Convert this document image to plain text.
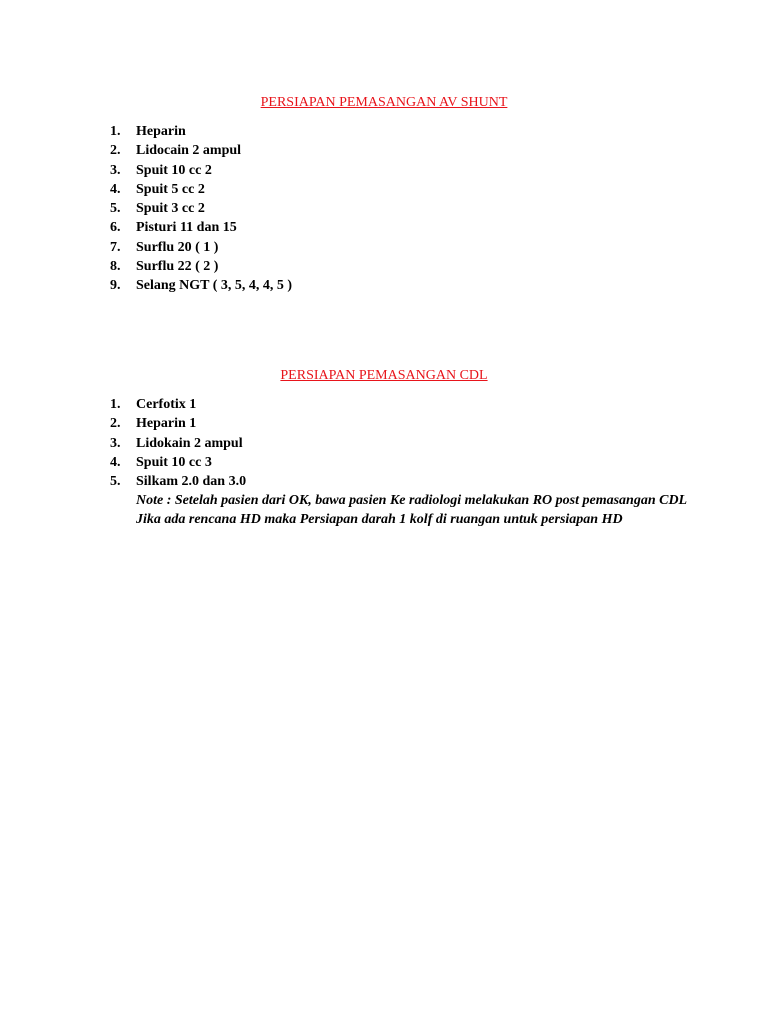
PERSIAPAN PEMASANGAN AV SHUNT
1.	Heparin
2.	Lidocain 2 ampul
3.	Spuit 10 cc 2
4.	Spuit 5 cc 2
5.	Spuit 3 cc 2
6.	Pisturi 11 dan 15
7.	Surflu 20 ( 1 )
8.	Surflu 22 ( 2 )
9.	Selang NGT ( 3, 5, 4, 4, 5 )
PERSIAPAN PEMASANGAN CDL
1.	Cerfotix 1
2.	Heparin 1
3.	Lidokain 2 ampul
4.	Spuit 10 cc 3
5.	Silkam 2.0 dan 3.0

Note : Setelah pasien dari OK, bawa pasien Ke radiologi melakukan RO post pemasangan CDL

Jika ada rencana HD maka Persiapan darah 1 kolf di ruangan untuk persiapan HD
